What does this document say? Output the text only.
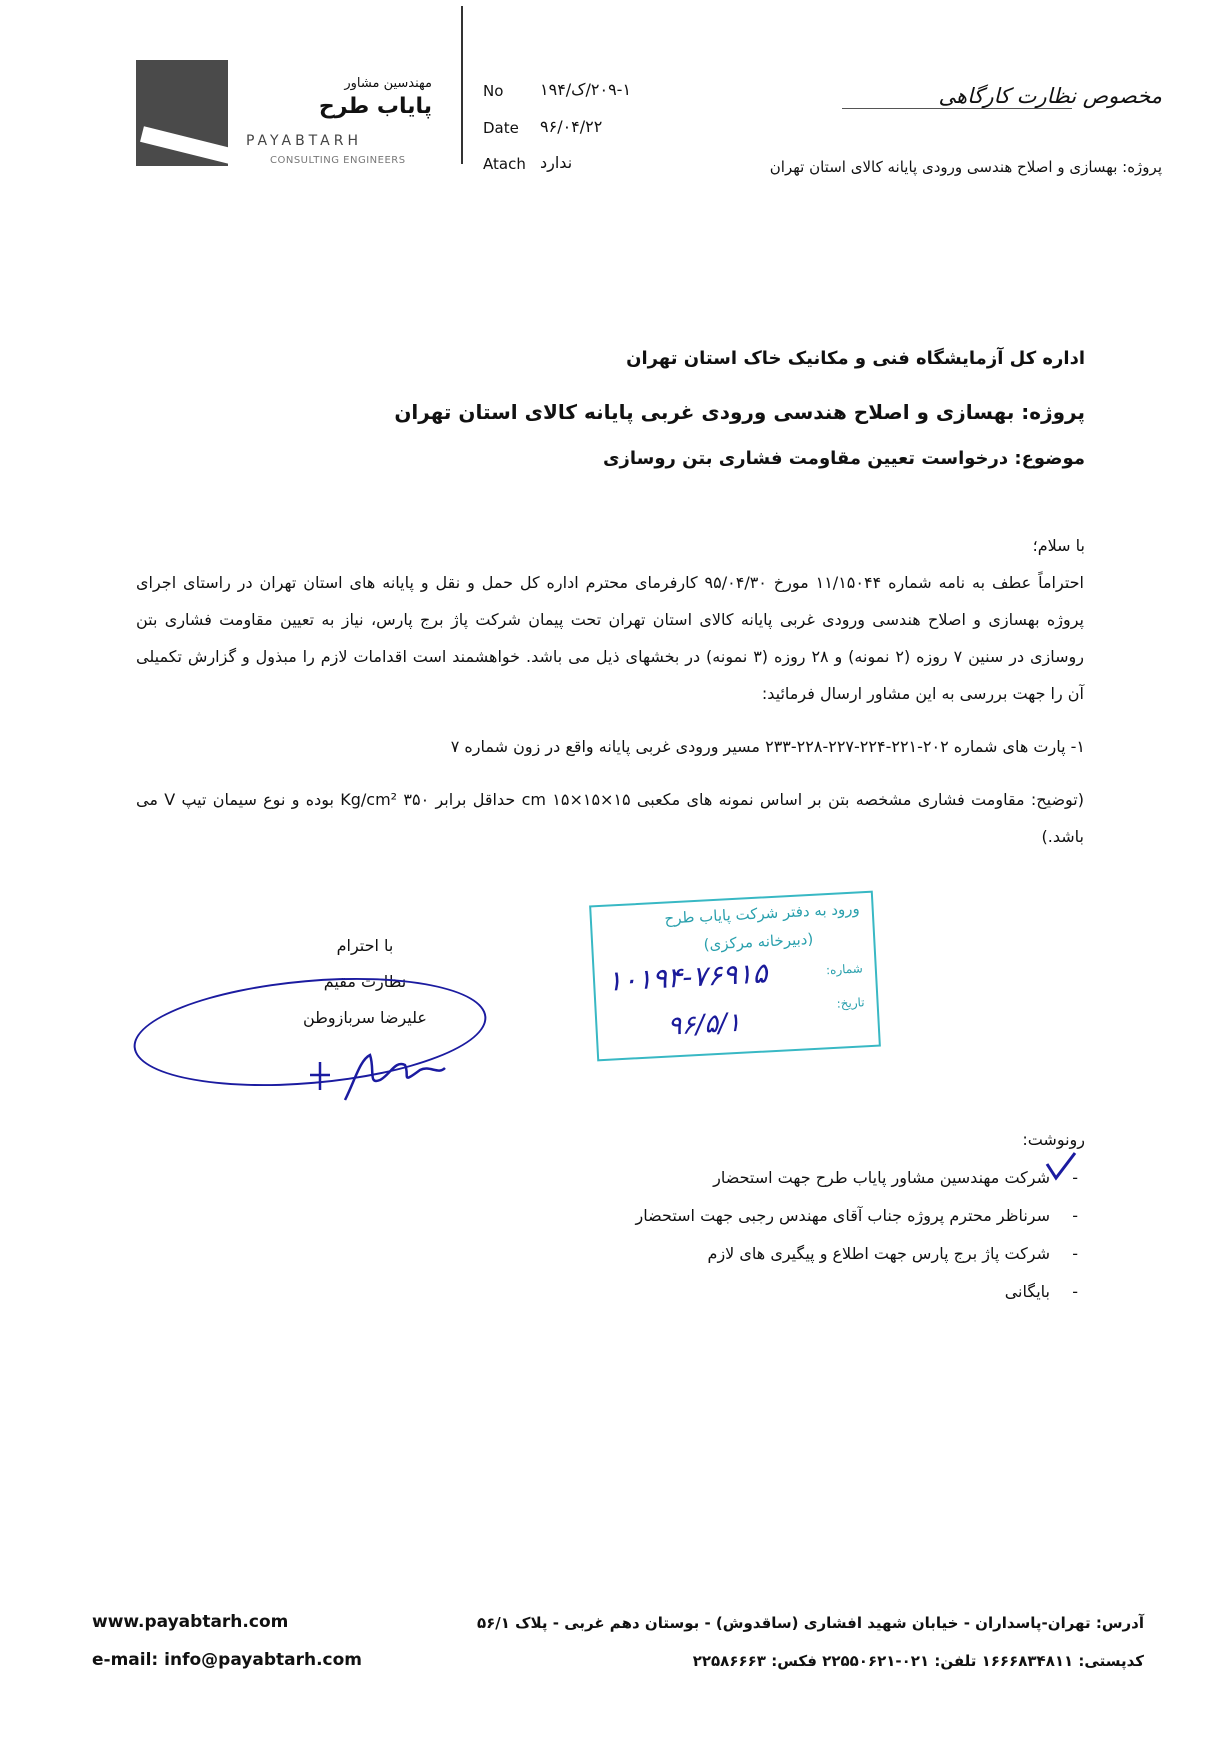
مهندسین مشاور
پایاب طرح
PAYABTARH
CONSULTING ENGINEERS
No ۲۰۹-۱/ک/۱۹۴
Date ۹۶/۰۴/۲۲
Atach ندارد
مخصوص نظارت کارگاهی
پروژه: بهسازی و اصلاح هندسی ورودی پایانه کالای استان تهران
اداره کل آزمایشگاه فنی و مکانیک خاک استان تهران
پروژه: بهسازی و اصلاح هندسی ورودی غربی پایانه کالای استان تهران
موضوع: درخواست تعیین مقاومت فشاری بتن روسازی
با سلام؛
احتراماً عطف به نامه شماره ۱۱/۱۵۰۴۴ مورخ ۹۵/۰۴/۳۰ کارفرمای محترم اداره کل حمل و نقل و پایانه های استان تهران در راستای اجرای پروژه بهسازی و اصلاح هندسی ورودی غربی پایانه کالای استان تهران تحت پیمان شرکت پاژ برج پارس، نیاز به تعیین مقاومت فشاری بتن روسازی در سنین ۷ روزه (۲ نمونه) و ۲۸ روزه (۳ نمونه) در بخشهای ذیل می باشد. خواهشمند است اقدامات لازم را مبذول و گزارش تکمیلی آن را جهت بررسی به این مشاور ارسال فرمائید:
۱- پارت های شماره ۲۰۲-۲۲۱-۲۲۴-۲۲۷-۲۲۸-۲۳۳ مسیر ورودی غربی پایانه واقع در زون شماره ۷
(توضیح: مقاومت فشاری مشخصه بتن بر اساس نمونه های مکعبی ۱۵×۱۵×۱۵ cm حداقل برابر ۳۵۰ Kg/cm² بوده و نوع سیمان تیپ V می باشد.)
با احترام
نظارت مقیم
علیرضا سربازوطن
ورود به دفتر شرکت پایاب طرح
(دبیرخانه مرکزی)
شماره:
۱۰۱۹۴-۷۶۹۱۵
تاریخ:
۹۶/۵/۱
رونوشت:
-
شرکت مهندسین مشاور پایاب طرح جهت استحضار
-
سرناظر محترم پروژه جناب آقای مهندس رجبی جهت استحضار
-
شرکت پاژ برج پارس جهت اطلاع و پیگیری های لازم
-
بایگانی
www.payabtarh.com
e-mail: info@payabtarh.com
آدرس: تهران-پاسداران - خیابان شهید افشاری (ساقدوش) - بوستان دهم غربی - پلاک ۵۶/۱
کدپستی: ۱۶۶۶۸۳۴۸۱۱ تلفن: ۰۲۱-۲۲۵۵۰۶۲۱ فکس: ۲۲۵۸۶۶۶۳
